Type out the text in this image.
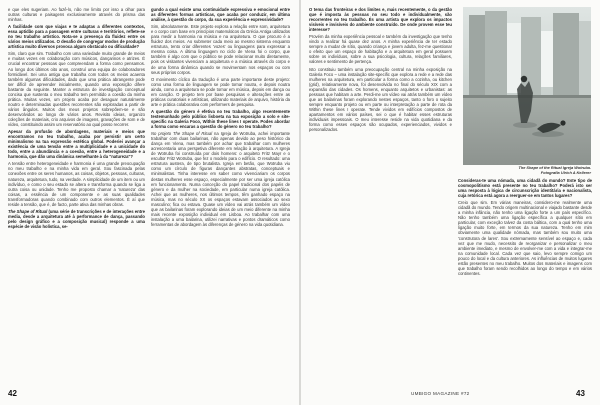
e que eles sugeriam. Ao fazê-lo, não me limito por isso a olhar para outras culturas e paisagens exclusivamente através do prisma das minhas.

A facilidade com que viajas e te adaptas a diferentes contextos, essa aptidão para a passagem entre culturas e territórios, reflete-se no teu trabalho artístico. Nota-se a presença da fluidez entre os vários meios utilizados. O desafio de congregar modos de produção artística muito diversos provoca algum obstáculo ou dificuldade?

Sim, claro que sim. Trabalho com uma variedade muito grande de meios e muitas vezes em colaboração com músicos, dançarinos e atrizes. É crucial encontrar pessoas que compreendam a forma como pensamos. Ao longo dos últimos oito anos, construí uma equipa de colaboradores formidável. Sei uma antiga que trabalha com todos os meios acaenta também algumas dificuldades, dado que uma prática abrangente pode ser difícil de apreender inicialmente, quando uma exposição difere bastante da seguinte. Manter a estrutura de investigação conceptual concisa que sustenta o meu trabalho tem permitido a coesão da minha prática. Muitas vezes, um projeto acaba por desaguar naturalmente noutro e determinadas questões recorrentes são exploradas a partir de vários ângulos. Muitos dos meus projetos sobrepõem-se e são desenvolvidos ao longo de vários anos. Revisito ideias, organizo coleções de materiais, crio arquivos de imagens, gravações de som e de vídeo, constituindo assim um reservatório ao qual posso recorrer.

Apesar da profusão de abordagens, materiais e meios que encontramos no teu trabalho, acaba por persistir um certo minimalismo na tua expressão estética global. Poderiei avançar a existência de uma tensão entre a multiplicidade e a unicidade do todo, entre a abundância e a coesão, entre a heterogeneidade e a harmonia, que dão uma dinâmica semelhante à da "natureza"?

A tensão entre heterogeneidade e harmonia é uma grande preocupação no meu trabalho e na minha vida em geral. Sou fascinada pelas conexões entre os seres humanos, as coisas, objetos, pessoas, culturas, natureza, arquitetura, tudo, na verdade. A simplicidade de um item ou um indivíduo, e como o seu estado se altera e transforma quando se liga a outra coisa ou unidade. Tenho me proposto chamar a 'natureza' das coisas, a essência de um componente e as suas qualidades transformadoras quando combinado com outros elementos. É aí que reside a tensão, que é, de facto, parte ativa das minhas obras.

The Shape of Ritual (uma série de transcrições e de interações entre media, desde a arquitetura até à performance de dança, passando pelo design gráfico e a composição musical) responde a uma espécie de visão holística, se-

gundo a qual existe uma continuidade expressiva e emocional entre as diferentes formas artísticas, que acaba por conduzir, em última análise, à questão do corpo, da sua experiência e expressividade?

Sim, absolutamente. Este projeto explora a relação entre som, arquitetura e o corpo com base em princípios matemáticos da Grécia Antiga utilizados para medir a harmonia na música e na arquitetura. O que procuro é a fluidez dos meios. Ao submeter cada meio ao mesmo sistema enquanto estrutura, tento criar diferentes 'vozes' ou linguagens para expressar a mesma coisa. A última linguagem no ciclo de Viena foi o corpo, que também é algo com que o público se pode relacionar muito diretamente, pois os visitantes vivenciam a arquitetura e a música através do corpo e de uma forma dinâmica quando se movimentam nos espaços ou com seus próprios corpos.

O movimento cíclico da tradução é uma parte importante deste projeto: como uma forma de linguagem se pode tornar noutra, e depois noutra ainda, como a arquitetura se pode tornar em música, depois em dança ou em canção. O projeto tem por base pesquisas e alterações entre as práticas curatoriais e artísticas, utilizando materiais de arquivo, história da arte e prática colaborativa com performers de pesquisa.

A questão do género é efetiva no teu trabalho, algo recentemente testemunhado pelo público lisboeta na tua exposição a solo e site-specific na Galeria Foco, Within these lines I operate. Podes abordar a forma como encaras a questão do género no teu trabalho?

No projeto The Shape of Ritual na Igreja de Wotruba, achei importante trabalhar com duas bailarinas, não apenas devido ao peso histórico da dança em Viena, mas também por achar que trabalhar com mulheres acrescentaria uma perspetiva diferente em relação à arquitetura. A Igreja de Wotruba foi construída por dois homens: o arquiteto Fritz Mayr e o escultor Fritz Wotruba, que fez o modelo para o edifício. O resultado: uma estrutura austera, de tipo brutalista. Igreja em betão, que Wotruba viu como um círculo de figuras dançantes abstratas, conceptuais e minimalistas. Tinha interesse em saber como vivenciariam os corpos destas mulheres esse espaço, especialmente por ser uma igreja católica em funcionamento. Numa conceção do papel tradicional dos papéis de género e da mulher na sociedade, em particular numa igreja católica. Achei que as mulheres, nos últimos tempos, têm ganhado espaço na música, mas no século XX os espaços estavam associados ao sexo masculino; fica ou estava. Quase um vídeo vai atrás também um vídeo que as bailarinas foram explorando ideias de um meio diferente na minha mais recente exposição individual em Lisboa. Ao trabalhar com uma instalação a uma bailarina, utilizei narrativas e pontos dramáticos como ferramentas de abordagem às diferenças de género na vida quotidiana.

42

O tema das fronteiras e dos limites e, mais recentemente, o da gestão que é imposta às pessoas no seu todo e individualmente, são recorrentes no teu trabalho. És uma artista que explora os impactos visíveis e invisíveis do ambiente construído. De onde provem esse teu interesse?

Provém da minha experiência pessoal e também da investigação que tenho vindo a realizar há quase dez anos. A minha experiência de ter estado sempre a mudar de sítio, quando criança e jovem adulta, fez-me questionar o efeito que um espaço de habitação e a arquitetura em geral possuem sobre os indivíduos, sobre a sua psicologia, cultura, relações familiares, valores e sentimento de pertença.

Isto constituiu também uma preocupação central na minha exposição na Galeria Foco – uma instalação site-specific que explora a rede e a rede das mulheres na arquitetura, em particular a forma como a cozinha, ou kitchen (grid), relativamente nova, foi desenvolvida no final do século XIX com a expansão das cidades. Os homens, enquanto arquitetos e urbanistas: as pessoas que habitam a arte. Perdi-me um vídeo vai atrás também um vídeo que as bailarinas foram explorando nestes espaços, tanto o foro o sujeito sempre enquanto projeto ou em parte ou interpretação a parte de rota da Within these lines I operate. Tende vividos em edifícios compostos de apartamentos em vários países, sei o que é habitar esses estruturas individuais impessoais. O meu interesse reside na vida quotidiana e da forma como esses espaços são ocupados, experienciados, vividos e personalizados.

The Shape of the Ritual Igreja Wotruba.
Fotografia Ulrich A Kellerer

Consideras-te uma nómada, uma cidadã do mundo? Este tipo de cosmopolitismo está presente no teu trabalho? Poderá isto ser uma resposta à lógica de circunscrição identitária e nacionalista, cuja retórica está agora a reerguer-se em tantos lugares?

Creio que sim. Em várias maneiras, considero-me realmente uma cidadã do mundo. Tendo origem multinacional e viajado bastante desde a minha infância, não tenho uma ligação forte a um país específico. Não tenho também uma ligação específica a qualquer sítio em particular, com exceção talvez da costa báltica, com a qual tenho uma ligação muito forte, em termos da sua natureza. Tenho em mim obviamente uma qualidade nómada, mas também sou muito uma 'construtora de lares'. Sou extremamente sensível ao espaço e, cada vez que me mudo, necessito de reorganizar e personalizar o meu ambiente imediato, e mesmo de envolver-me com a vida e integrar-me na comunidade local. Cada vez que saio, levo sempre comigo um pouco do local e da cultura anteriores. As influências de muitos lugares estão presentes no meu trabalho. Muitos dos materiais e imagens com que trabalho foram sendo recolhidos ao longo do tempo e em vários continentes.

UMBIGO MAGAZINE #72	43
